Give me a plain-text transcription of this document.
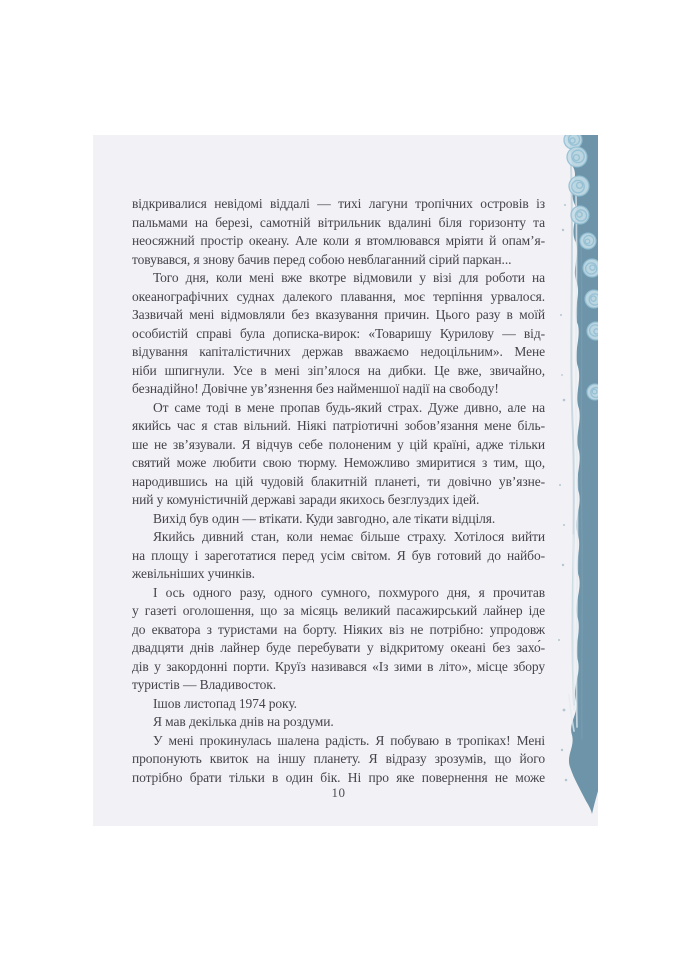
відкривалися невідомі віддалі — тихі лагуни тропічних островів із
пальмами на березі, самотній вітрильник вдалині біля горизонту та
неосяжний простір океану. Але коли я втомлювався мріяти й опам’я-
товувався, я знову бачив перед собою невблаганний сірий паркан...
Того дня, коли мені вже вкотре відмовили у візі для роботи на
океанографічних суднах далекого плавання, моє терпіння урвалося.
Зазвичай мені відмовляли без вказування причин. Цього разу в моїй
особистій справі була дописка-вирок: «Товаришу Курилову — від-
відування капіталістичних держав вважаємо недоцільним». Мене
ніби шпигнули. Усе в мені зіп’ялося на дибки. Це вже, звичайно,
безнадійно! Довічне ув’язнення без найменшої надії на свободу!
От саме тоді в мене пропав будь-який страх. Дуже дивно, але на
якийсь час я став вільний. Ніякі патріотичні зобов’язання мене біль-
ше не зв’язували. Я відчув себе полоненим у цій країні, адже тільки
святий може любити свою тюрму. Неможливо змиритися з тим, що,
народившись на цій чудовій блакитній планеті, ти довічно ув’язне-
ний у комуністичній державі заради якихось безглуздих ідей.
Вихід був один — втікати. Куди завгодно, але тікати відціля.
Якийсь дивний стан, коли немає більше страху. Хотілося вийти
на площу і зареготатися перед усім світом. Я був готовий до найбо-
жевільніших учинків.
І ось одного разу, одного сумного, похмурого дня, я прочитав
у газеті оголошення, що за місяць великий пасажирський лайнер іде
до екватора з туристами на борту. Ніяких віз не потрібно: упродовж
двадцяти днів лайнер буде перебувати у відкритому океані без захо́-
дів у закордонні порти. Круїз називався «Із зими в літо», місце збору
туристів — Владивосток.
Ішов листопад 1974 року.
Я мав декілька днів на роздуми.
У мені прокинулась шалена радість. Я побуваю в тропіках! Мені
пропонують квиток на іншу планету. Я відразу зрозумів, що його
потрібно брати тільки в один бік. Ні про яке повернення не може
10
